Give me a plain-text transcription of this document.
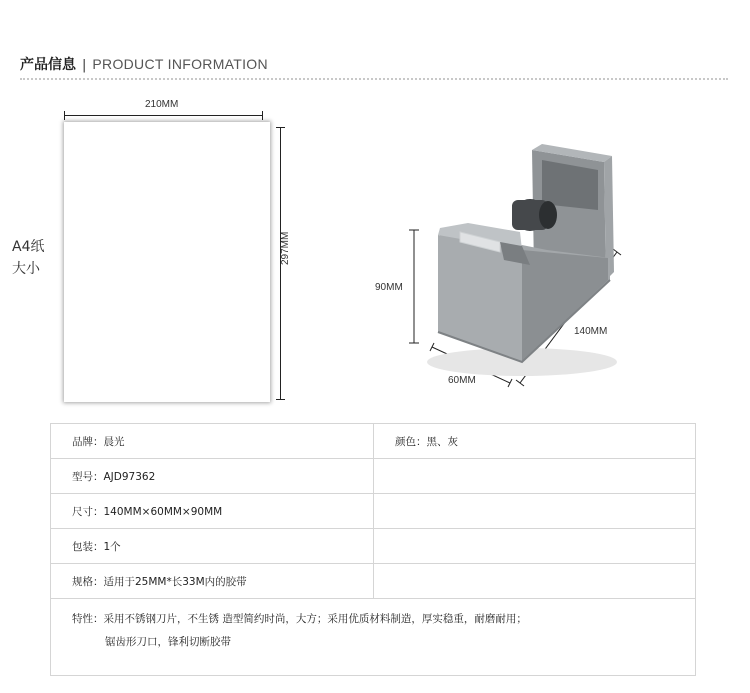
产品信息 | PRODUCT INFORMATION
210MM
297MM
A4纸
大小
90MM
140MM
60MM
品牌：晨光	颜色：黑、灰
型号：AJD97362	
尺寸：140MM×60MM×90MM	
包装：1个	
规格：适用于25MM*长33M内的胶带	

特性：采用不锈钢刀片，不生锈 造型简约时尚，大方；采用优质材料制造，厚实稳重，耐磨耐用；
锯齿形刀口，锋利切断胶带	
